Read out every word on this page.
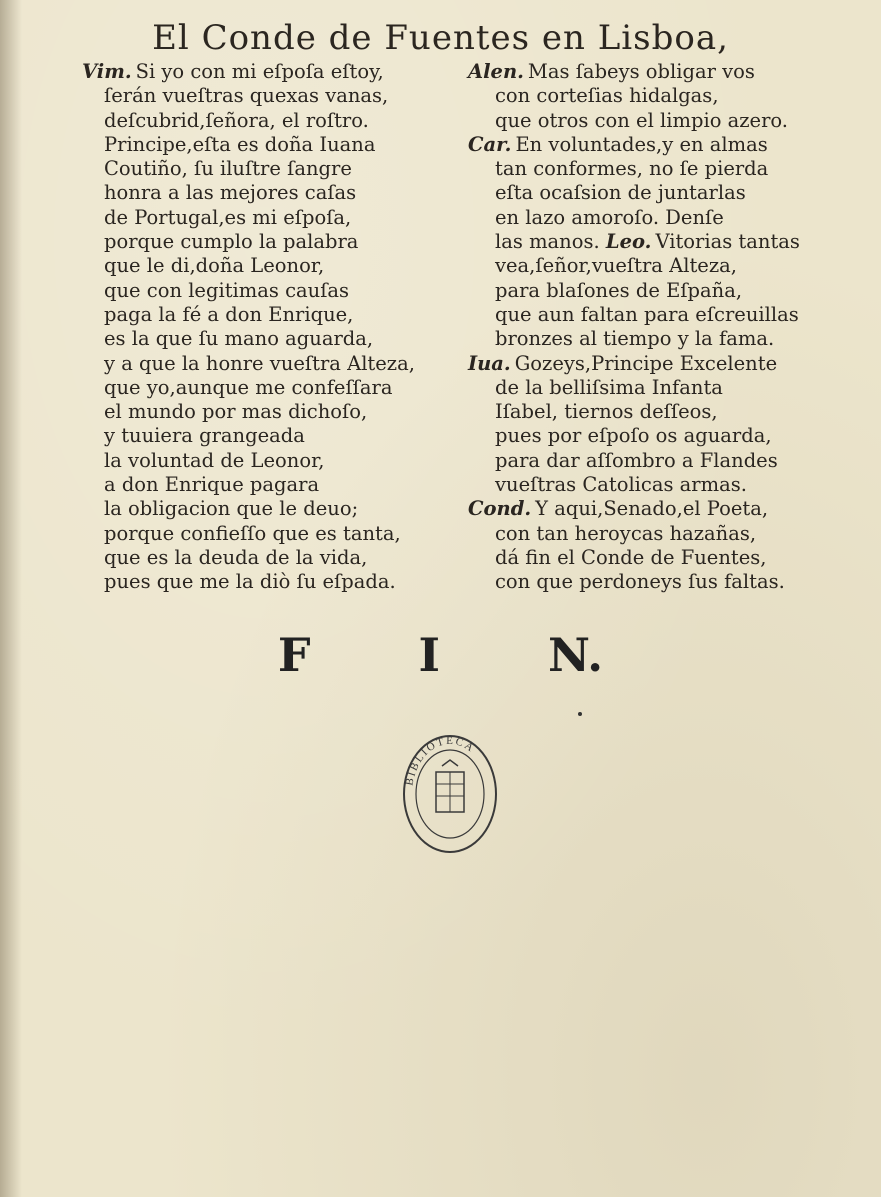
El Conde de Fuentes en Lisboa,
Vim. Si yo con mi eſpoſa eſtoy,
ſerán vueſtras quexas vanas,
deſcubrid,ſeñora, el roſtro.
Principe,eſta es doña Iuana
Coutiño, ſu iluſtre ſangre
honra a las mejores caſas
de Portugal,es mi eſpoſa,
porque cumplo la palabra
que le di,doña Leonor,
que con legitimas cauſas
paga la fé a don Enrique,
es la que ſu mano aguarda,
y a que la honre vueſtra Alteza,
que yo,aunque me confeſſara
el mundo por mas dichoſo,
y tuuiera grangeada
la voluntad de Leonor,
a don Enrique pagara
la obligacion que le deuo;
porque confieſſo que es tanta,
que es la deuda de la vida,
pues que me la diò ſu eſpada.
Alen. Mas ſabeys obligar vos
con corteſias hidalgas,
que otros con el limpio azero.
Car. En voluntades,y en almas
tan conformes, no ſe pierda
eſta ocaſsion de juntarlas
en lazo amoroſo. Denſe
las manos. Leo. Vitorias tantas
vea,ſeñor,vueſtra Alteza,
para blaſones de Eſpaña,
que aun faltan para eſcreuillas
bronzes al tiempo y la fama.
Iua. Gozeys,Principe Excelente
de la belliſsima Infanta
Iſabel, tiernos deſſeos,
pues por eſpoſo os aguarda,
para dar aſſombro a Flandes
vueſtras Catolicas armas.
Cond. Y aqui,Senado,el Poeta,
con tan heroycas hazañas,
dá fin el Conde de Fuentes,
con que perdoneys ſus faltas.
F I N.
BIBLIOTECA
